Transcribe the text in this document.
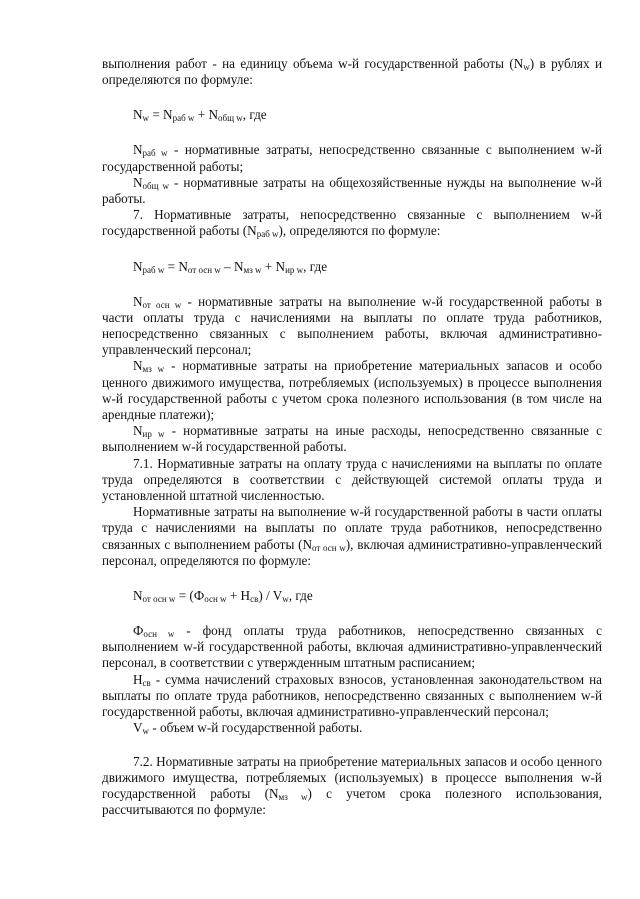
выполнения работ - на единицу объема w-й государственной работы $(N_w)$ в рублях и определяются по формуле:

$N_w = N_{раб w} + N_{общ w}$, где

$N_{раб w}$ - нормативные затраты, непосредственно связанные с выполнением w-й государственной работы;

$N_{общ w}$ - нормативные затраты на общехозяйственные нужды на выполнение w-й работы.

7. Нормативные затраты, непосредственно связанные с выполнением w-й государственной работы $(N_{раб w})$, определяются по формуле:

$N_{раб w} = N_{от осн w} - N_{мз w} + N_{ир w}$, где

$N_{от осн w}$ - нормативные затраты на выполнение w-й государственной работы в части оплаты труда с начислениями на выплаты по оплате труда работников, непосредственно связанных с выполнением работы, включая административно-управленческий персонал;

$N_{мз w}$ - нормативные затраты на приобретение материальных запасов и особо ценного движимого имущества, потребляемых (используемых) в процессе выполнения w-й государственной работы с учетом срока полезного использования (в том числе на арендные платежи);

$N_{ир w}$ - нормативные затраты на иные расходы, непосредственно связанные с выполнением w-й государственной работы.

7.1. Нормативные затраты на оплату труда с начислениями на выплаты по оплате труда определяются в соответствии с действующей системой оплаты труда и установленной штатной численностью.

Нормативные затраты на выполнение w-й государственной работы в части оплаты труда с начислениями на выплаты по оплате труда работников, непосредственно связанных с выполнением работы $(N_{от осн w})$, включая административно-управленческий персонал, определяются по формуле:

$N_{от осн w} = (Ф_{осн w} + Н_{св}) / V_w$, где

$Ф_{осн w}$ - фонд оплаты труда работников, непосредственно связанных с выполнением w-й государственной работы, включая административно-управленческий персонал, в соответствии с утвержденным штатным расписанием;

$Н_{св}$ - сумма начислений страховых взносов, установленная законодательством на выплаты по оплате труда работников, непосредственно связанных с выполнением w-й государственной работы, включая административно-управленческий персонал;

$V_w$ - объем w-й государственной работы.

7.2. Нормативные затраты на приобретение материальных запасов и особо ценного движимого имущества, потребляемых (используемых) в процессе выполнения w-й государственной работы $(N_{мз w})$ с учетом срока полезного использования, рассчитываются по формуле:
